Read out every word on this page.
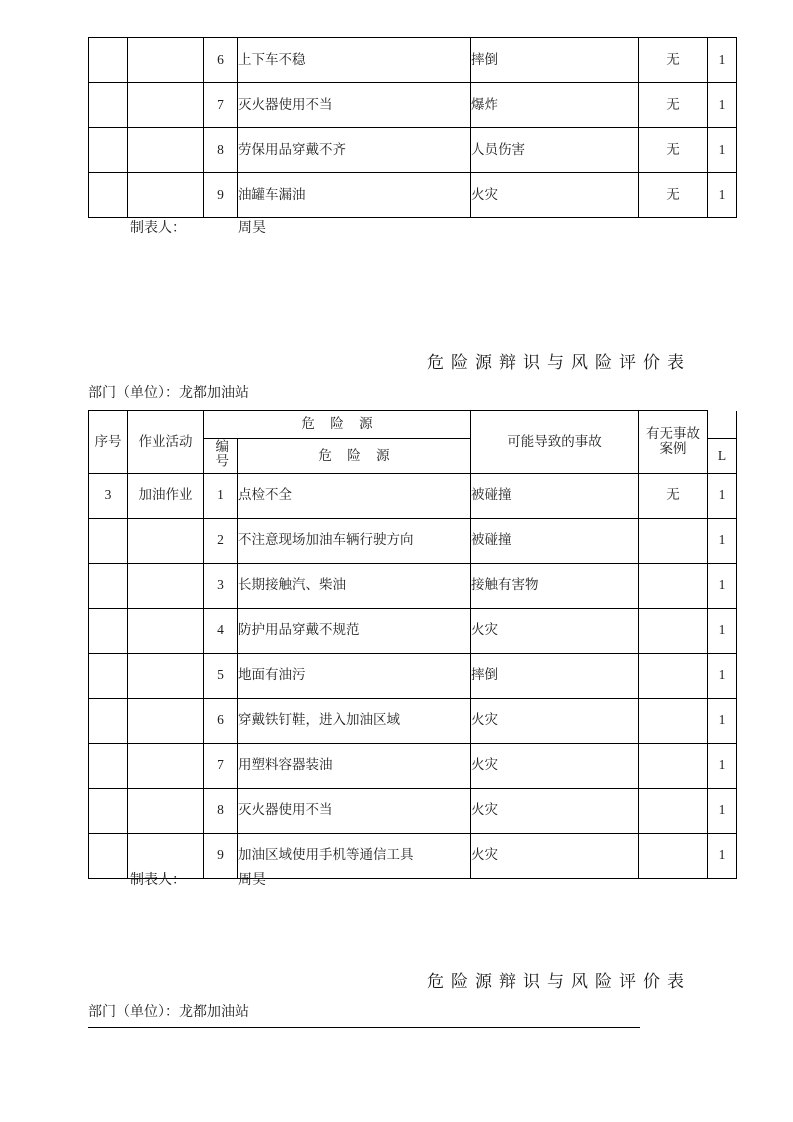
		6	上下车不稳	摔倒	无	1
		7	灭火器使用不当	爆炸	无	1
		8	劳保用品穿戴不齐	人员伤害	无	1
		9	油罐车漏油	火灾	无	1
制表人：	周昊
危险源辩识与风险评价表
部门（单位）：龙都加油站
序号	作业活动	危 险 源		可能导致的事故	有无事故案例	
		编号	危 险 源			L
3	加油作业	1	点检不全	被碰撞	无	1
		2	不注意现场加油车辆行驶方向	被碰撞		1
		3	长期接触汽、柴油	接触有害物		1
		4	防护用品穿戴不规范	火灾		1
		5	地面有油污	摔倒		1
		6	穿戴铁钉鞋，进入加油区域	火灾		1
		7	用塑料容器装油	火灾		1
		8	灭火器使用不当	火灾		1
		9	加油区域使用手机等通信工具	火灾		1
制表人：	周昊
危险源辩识与风险评价表
部门（单位）：龙都加油站
